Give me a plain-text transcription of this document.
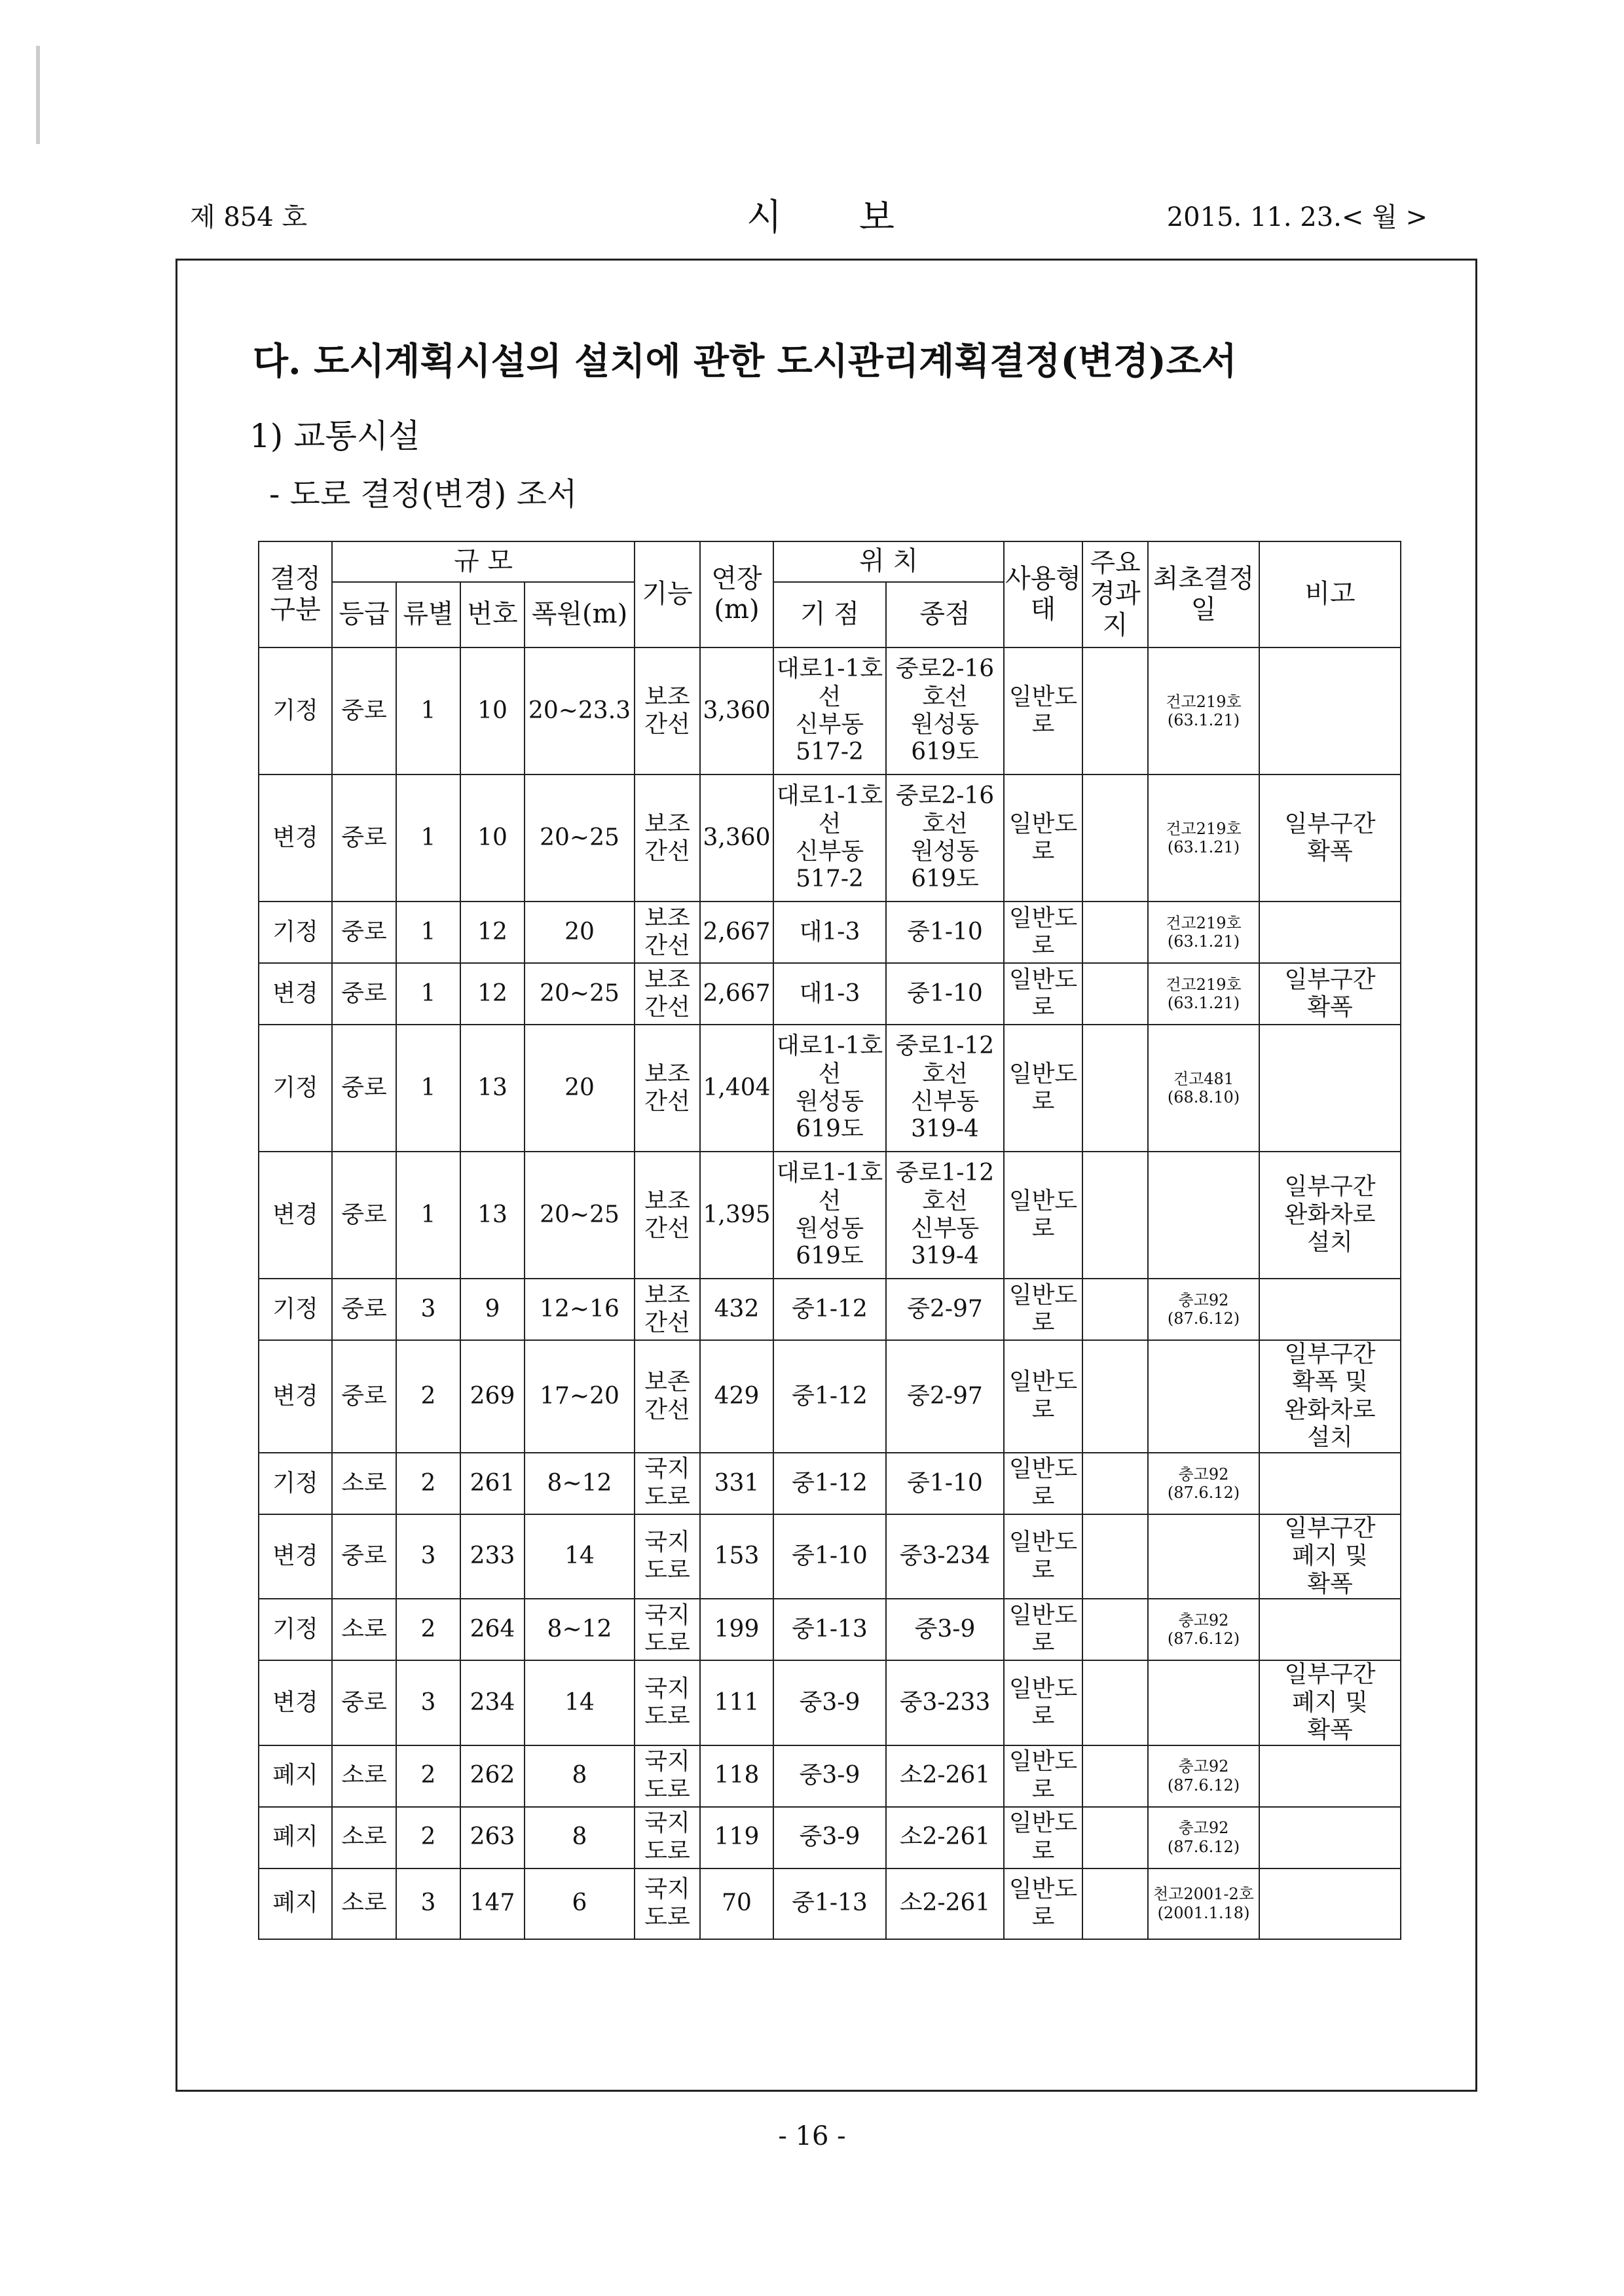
제 854 호	시 보	2015. 11. 23.< 월 >
다. 도시계획시설의 설치에 관한 도시관리계획결정(변경)조서
1) 교통시설
- 도로 결정(변경) 조서
결정구분	규 모				기능	연장(m)	위 치		사용형태	주요경과지	최초결정일	비고
	등급	류별	번호	폭원(m)			기 점	종점				
기정	중로	1	10	20~23.3	보조간선	3,360	대로1-1호선
신부동
517-2	중로2-16호선
원성동
619도	일반도로		건고219호
(63.1.21)	
변경	중로	1	10	20~25	보조간선	3,360	대로1-1호선
신부동
517-2	중로2-16호선
원성동
619도	일반도로		건고219호
(63.1.21)	일부구간
확폭
기정	중로	1	12	20	보조간선	2,667	대1-3	중1-10	일반도로		건고219호
(63.1.21)	
변경	중로	1	12	20~25	보조간선	2,667	대1-3	중1-10	일반도로		건고219호
(63.1.21)	일부구간
확폭
기정	중로	1	13	20	보조간선	1,404	대로1-1호선
원성동
619도	중로1-12호선
신부동
319-4	일반도로		건고481
(68.8.10)	
변경	중로	1	13	20~25	보조간선	1,395	대로1-1호선
원성동
619도	중로1-12호선
신부동
319-4	일반도로			일부구간
완화차로
설치
기정	중로	3	9	12~16	보조간선	432	중1-12	중2-97	일반도로		충고92
(87.6.12)	
변경	중로	2	269	17~20	보존간선	429	중1-12	중2-97	일반도로			일부구간
확폭 및
완화차로
설치
기정	소로	2	261	8~12	국지도로	331	중1-12	중1-10	일반도로		충고92
(87.6.12)	
변경	중로	3	233	14	국지도로	153	중1-10	중3-234	일반도로			일부구간
폐지 및
확폭
기정	소로	2	264	8~12	국지도로	199	중1-13	중3-9	일반도로		충고92
(87.6.12)	
변경	중로	3	234	14	국지도로	111	중3-9	중3-233	일반도로			일부구간
폐지 및
확폭
폐지	소로	2	262	8	국지도로	118	중3-9	소2-261	일반도로		충고92
(87.6.12)	
폐지	소로	2	263	8	국지도로	119	중3-9	소2-261	일반도로		충고92
(87.6.12)	
폐지	소로	3	147	6	국지도로	70	중1-13	소2-261	일반도로		천고2001-2호
(2001.1.18)	
- 16 -
